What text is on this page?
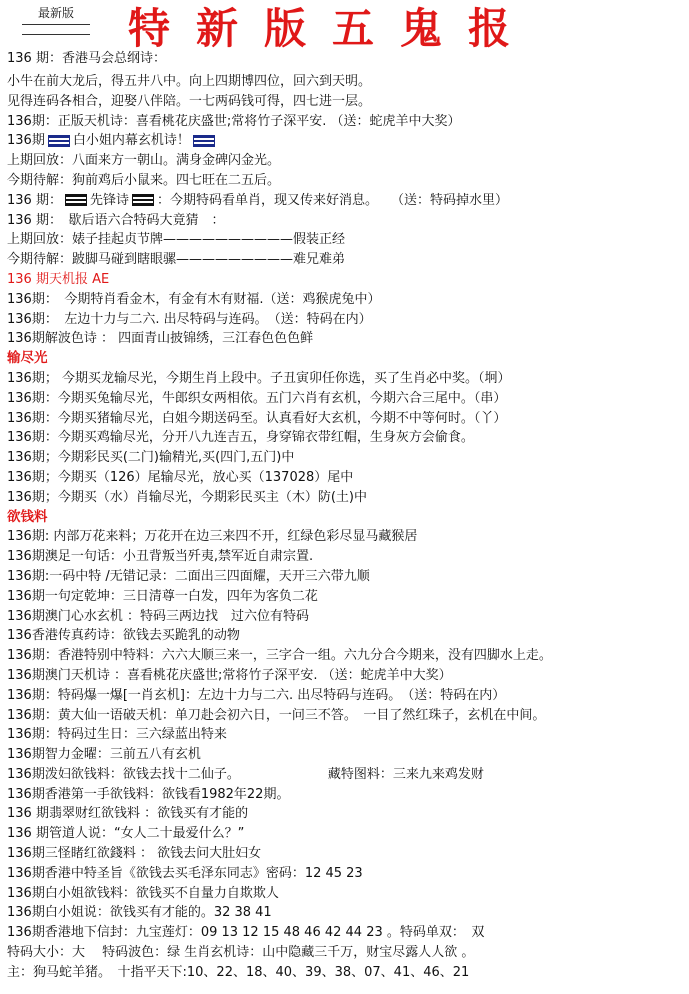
最新版	特新版五鬼报
136 期：香港马会总纲诗：
小牛在前大龙后，得五井八中。向上四期博四位，回六到天明。
见得连码各相合，迎娶八伴陪。一七两码钱可得，四七进一层。
136期：正版天机诗：喜看桃花庆盛世;常将竹子深平安. （送：蛇虎羊中大奖）
136期 白小姐内幕玄机诗！
上期回放：八面来方一朝山。满身金碑闪金光。
今期待解：狗前鸡后小鼠来。四七旺在二五后。
136 期： 先锋诗 ：今期特码看单肖，现又传来好消息。　　（送：特码掉水里）
136 期：　歇后语六合特码大竟猜　：
上期回放：婊子挂起贞节牌——————————假装正经
今期待解：跛脚马碰到瞎眼骡—————————难兄难弟
136 期天机报 AE
136期：　今期特肖看金木，有金有木有财福.（送：鸡猴虎兔中）
136期：　左边十力与二六. 出尽特码与连码。　（送：特码在内）
136期解波色诗 ： 四面青山披锦绣，三江春色色色鲜
输尽光
136期； 今期买龙输尽光，今期生肖上段中。子丑寅卯任你选，买了生肖必中奖。（坰）
136期：今期买兔输尽光，牛郎织女两相依。五门六肖有玄机，今期六合三尾中。（串）
136期：今期买猪输尽光，白姐今期送码至。认真看好大玄机，今期不中等何时。（丫）
136期：今期买鸡输尽光，分开八九连吉五，身穿锦衣带红帽，生身灰方会偷食。
136期；今期彩民买(二门)输精光,买(四门,五门)中
136期；今期买（126）尾输尽光，放心买（137028）尾中
136期；今期买（水）肖输尽光，今期彩民买主（木）防(土)中
欲钱料
136期: 内部万花来料；万花开在边三来四不开，红绿色彩尽显马藏猴居
136期澳足一句话：小丑背叛当歼夷,禁军近自肃宗置.
136期:一码中特 /无错记录：二面出三四面耀，天开三六带九顺
136期一句定乾坤：三日清尊一白发，四年为客负二花
136期澳门心水玄机 ：特码三两边找　过六位有特码
136香港传真药诗：欲钱去买跪乳的动物
136期：香港特别中特料：六六大顺三来一，三字合一组。六九分合今期来，没有四脚水上走。
136期澳门天机诗 ：喜看桃花庆盛世;常将竹子深平安. （送：蛇虎羊中大奖）
136期：特码爆一爆[一肖玄机]：左边十力与二六. 出尽特码与连码。　（送：特码在内）
136期：黄大仙一语破天机：单刀赴会初六日，一问三不答。　一目了然红珠子，玄机在中间。
136期：特码过生日：三六绿蓝出特来
136期智力金曜：三前五八有玄机
136期泼妇欲钱料：欲钱去找十二仙子。	藏特图料：三来九来鸡发财
136期香港第一手欲钱料：欲钱看1982年22期。
136 期翡翠财红欲钱料 ：欲钱买有才能的
136 期管道人说：“女人二十最爱什么？”
136期三怪睹红欲錢料 ： 欲钱去问大肚妇女
136期香港中特圣旨《欲钱去买毛泽东同志》密码：12 45 23
136期白小姐欲钱料：欲钱买不自量力自欺欺人
136期白小姐说：欲钱买有才能的。32 38 41
136期香港地下信封：九宝莲灯：09 13 12 15 48 46 42 44 23 。特码单双：　双
特码大小：大　 特码波色：绿 生肖玄机诗：山中隐藏三千万，财宝尽露人人欲 。
主：狗马蛇羊猪。　十指平天下:10、22、18、40、39、38、07、41、46、21
